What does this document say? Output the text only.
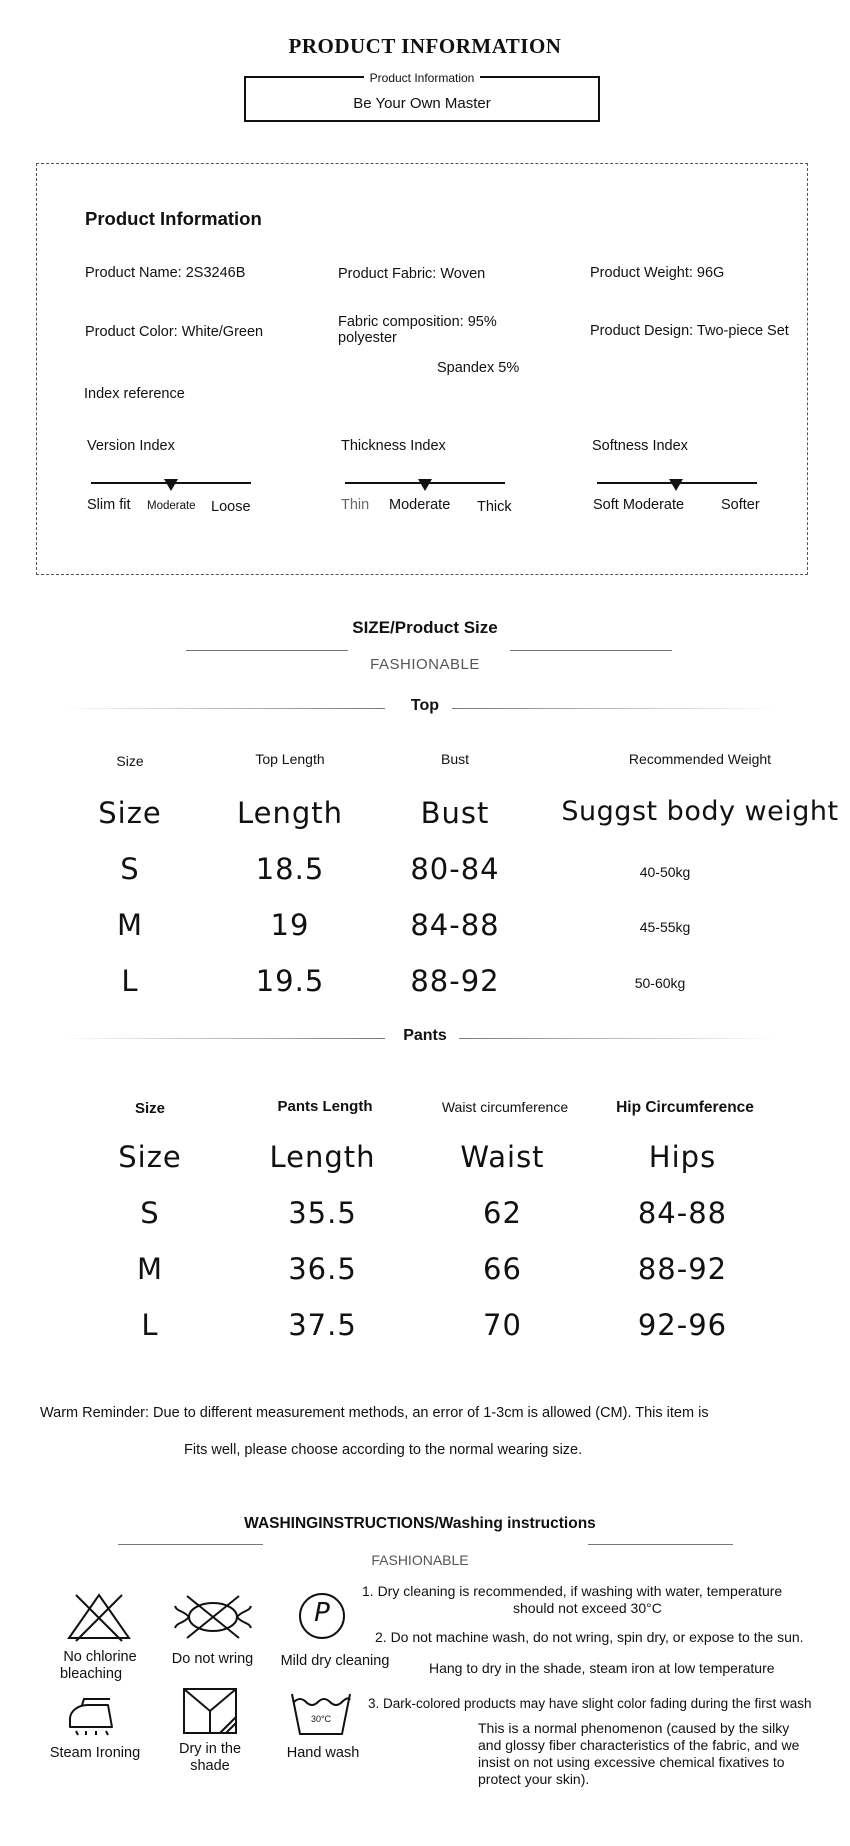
PRODUCT INFORMATION
Product Information
Be Your Own Master
Product Information
Product Name: 2S3246B	Product Fabric: Woven	Product Weight: 96G
Product Color: White/Green
Fabric composition: 95%
polyester
Spandex 5%
Product Design: Two-piece Set
Index reference
Version Index
Slim fit Moderate Loose
Thickness Index
Thin Moderate Thick
Softness Index
Soft Moderate	Softer
SIZE/Product Size
FASHIONABLE
Top
Size	Top Length	Bust	Recommended Weight
Size	Length	Bust	Suggst body weight
S	18.5	80-84	40-50kg
M	19	84-88	45-55kg
L	19.5	88-92	50-60kg
Pants
Size	Pants Length	Waist circumference	Hip Circumference
Size	Length	Waist	Hips
S	35.5	62	84-88
M	36.5	66	88-92
L	37.5	70	92-96
Warm Reminder: Due to different measurement methods, an error of 1-3cm is allowed (CM). This item is
Fits well, please choose according to the normal wearing size.
WASHINGINSTRUCTIONS/Washing instructions
FASHIONABLE
No chlorine
bleaching
Do not wring
P
Mild dry cleaning
Steam Ironing	Dry in the
shade
30°C
Hand wash
1. Dry cleaning is recommended, if washing with water, temperature
should not exceed 30°C
2. Do not machine wash, do not wring, spin dry, or expose to the sun.
Hang to dry in the shade, steam iron at low temperature
3. Dark-colored products may have slight color fading during the first wash
This is a normal phenomenon (caused by the silky
and glossy fiber characteristics of the fabric, and we
insist on not using excessive chemical fixatives to
protect your skin).
